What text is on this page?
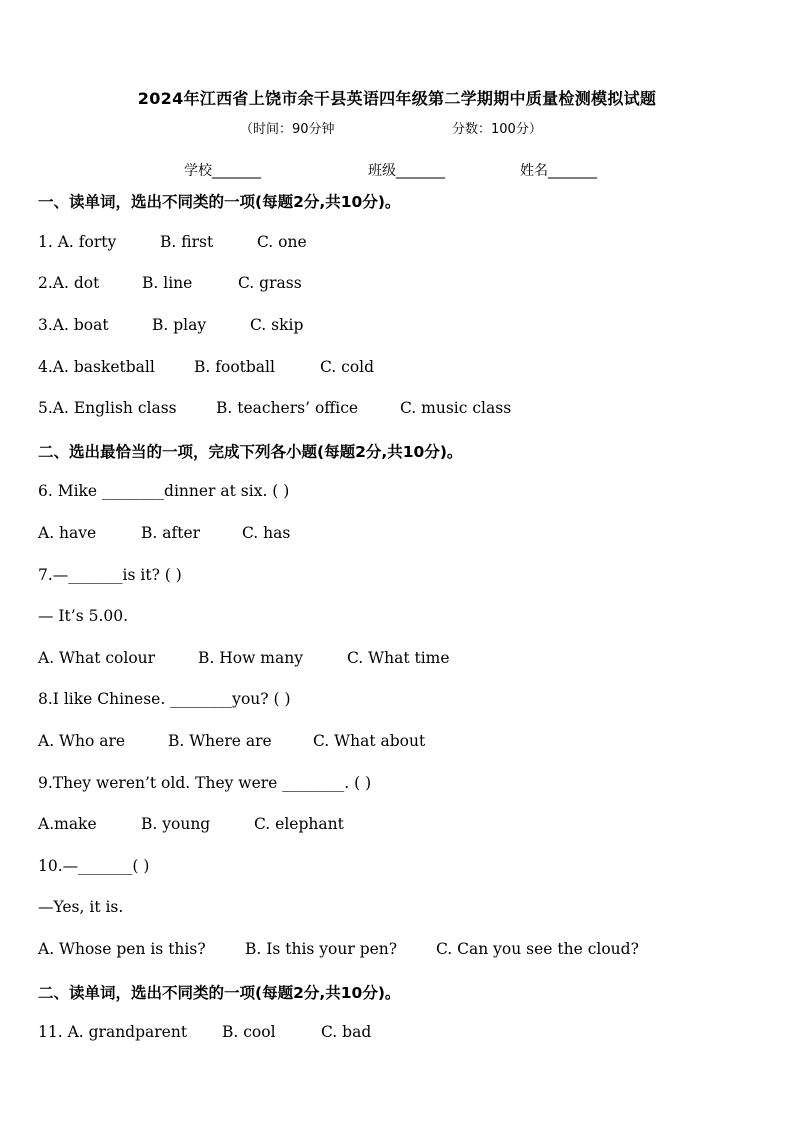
2024年江西省上饶市余干县英语四年级第二学期期中质量检测模拟试题
（时间：90分钟	分数：100分）
学校_______	班级_______	姓名_______
一、读单词，选出不同类的一项(每题2分,共10分)。
1. A. forty	B. first	C. one
2.A. dot	B. line	C. grass
3.A. boat	B. play	C. skip
4.A. basketball	B. football	C. cold
5.A. English class	B. teachers’ office	C. music class
二、选出最恰当的一项，完成下列各小题(每题2分,共10分)。
6. Mike ________dinner at six. ( )
A. have	B. after	C. has
7.—_______is it? ( )
— It’s 5.00.
A. What colour	B. How many	C. What time
8.I like Chinese. ________you? ( )
A. Who are	B. Where are	C. What about
9.They weren’t old. They were ________. ( )
A.make	B. young	C. elephant
10.—_______( )
—Yes, it is.
A. Whose pen is this?	B. Is this your pen?	C. Can you see the cloud?
二、读单词，选出不同类的一项(每题2分,共10分)。
11. A. grandparent B. cool	C. bad
